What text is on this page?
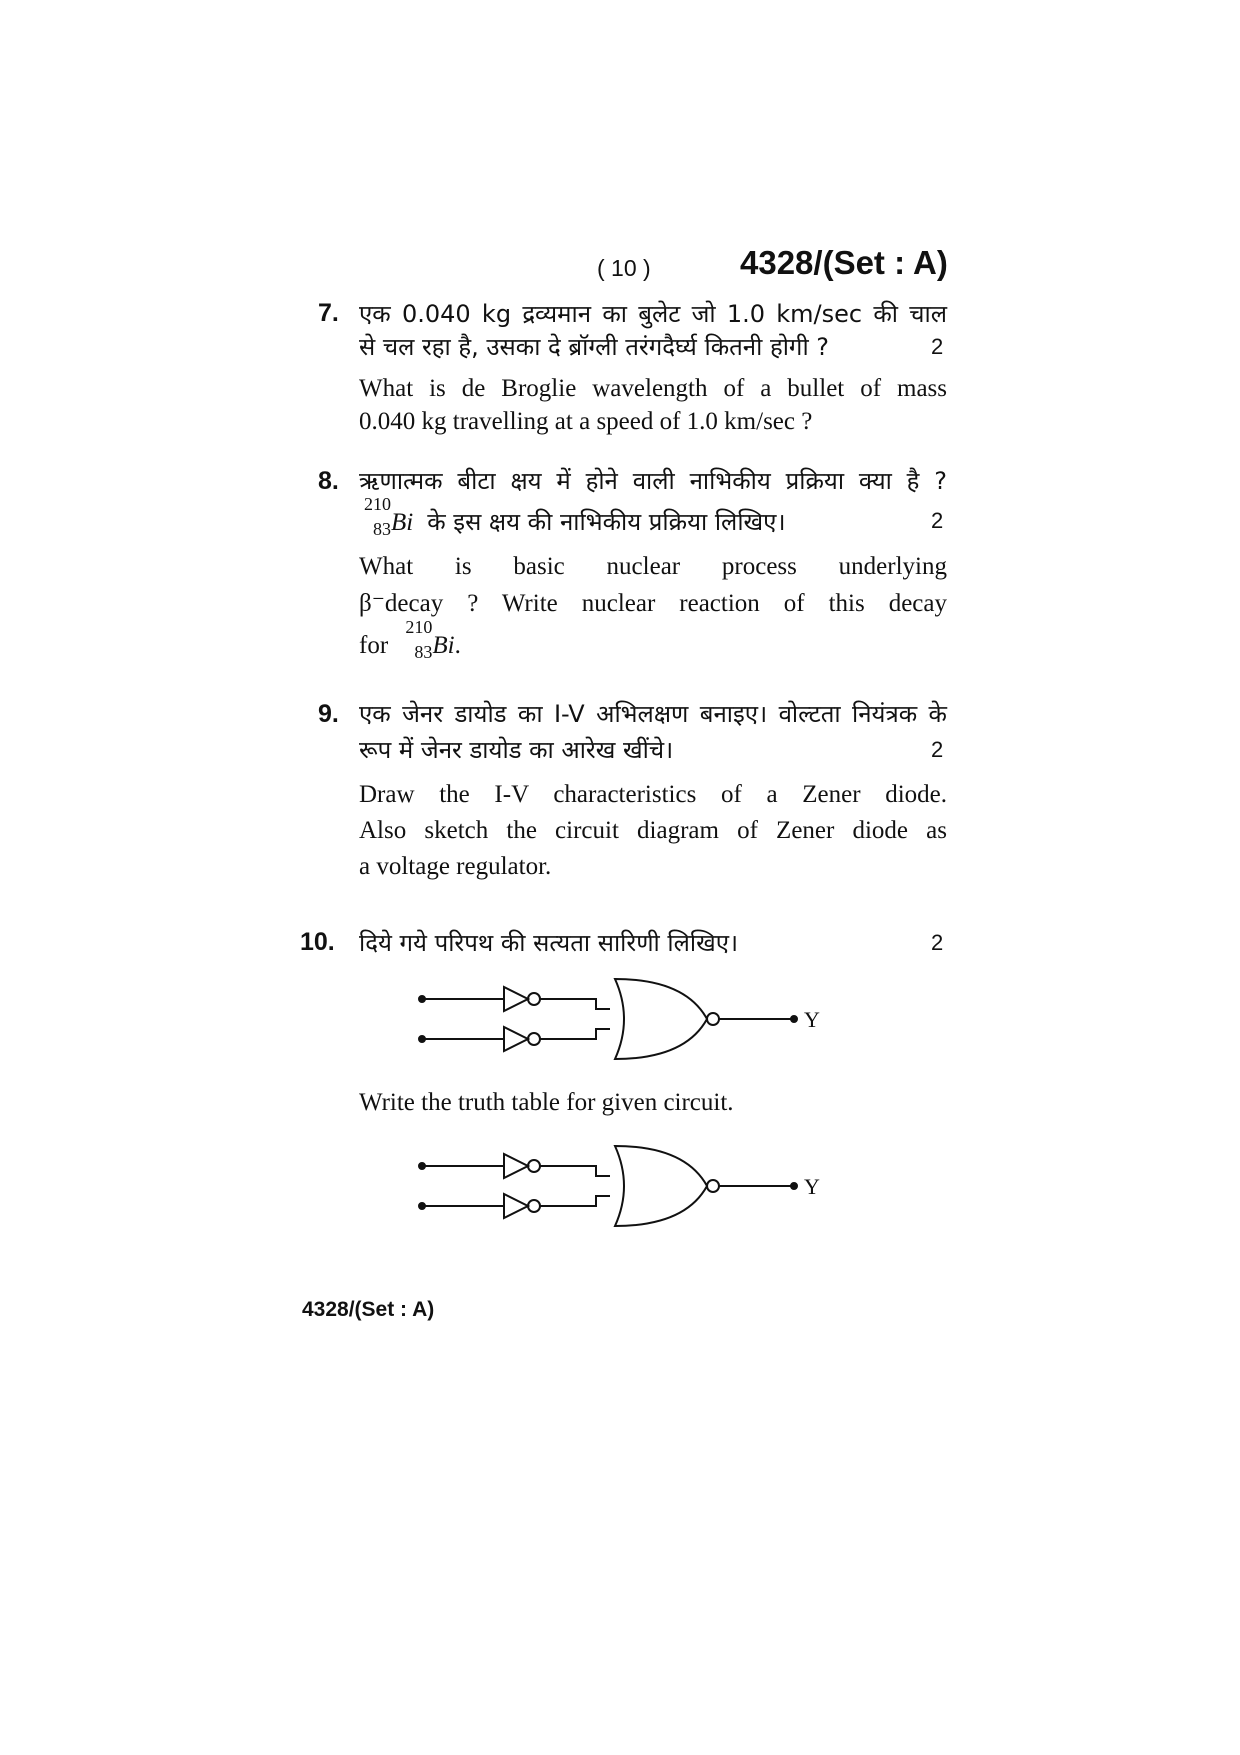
( 10 )	4328/(Set : A)
7. एक 0.040 kg द्रव्यमान का बुलेट जो 1.0 km/sec की चाल
से चल रहा है, उसका दे ब्रॉग्ली तरंगदैर्घ्य कितनी होगी ?	2
What is de Broglie wavelength of a bullet of mass
0.040 kg travelling at a speed of 1.0 km/sec ?
8. ऋणात्मक बीटा क्षय में होने वाली नाभिकीय प्रक्रिया क्या है ?
210
83 Bi के इस क्षय की नाभिकीय प्रक्रिया लिखिए।	2
What is basic nuclear process underlying
β⁻decay ? Write nuclear reaction of this decay
for
210
83 Bi.
9. एक जेनर डायोड का I-V अभिलक्षण बनाइए। वोल्टता नियंत्रक के
रूप में जेनर डायोड का आरेख खींचे।	2
Draw the I-V characteristics of a Zener diode.
Also sketch the circuit diagram of Zener diode as
a voltage regulator.
10. दिये गये परिपथ की सत्यता सारिणी लिखिए।	2
Y
Write the truth table for given circuit.
Y
4328/(Set : A)
